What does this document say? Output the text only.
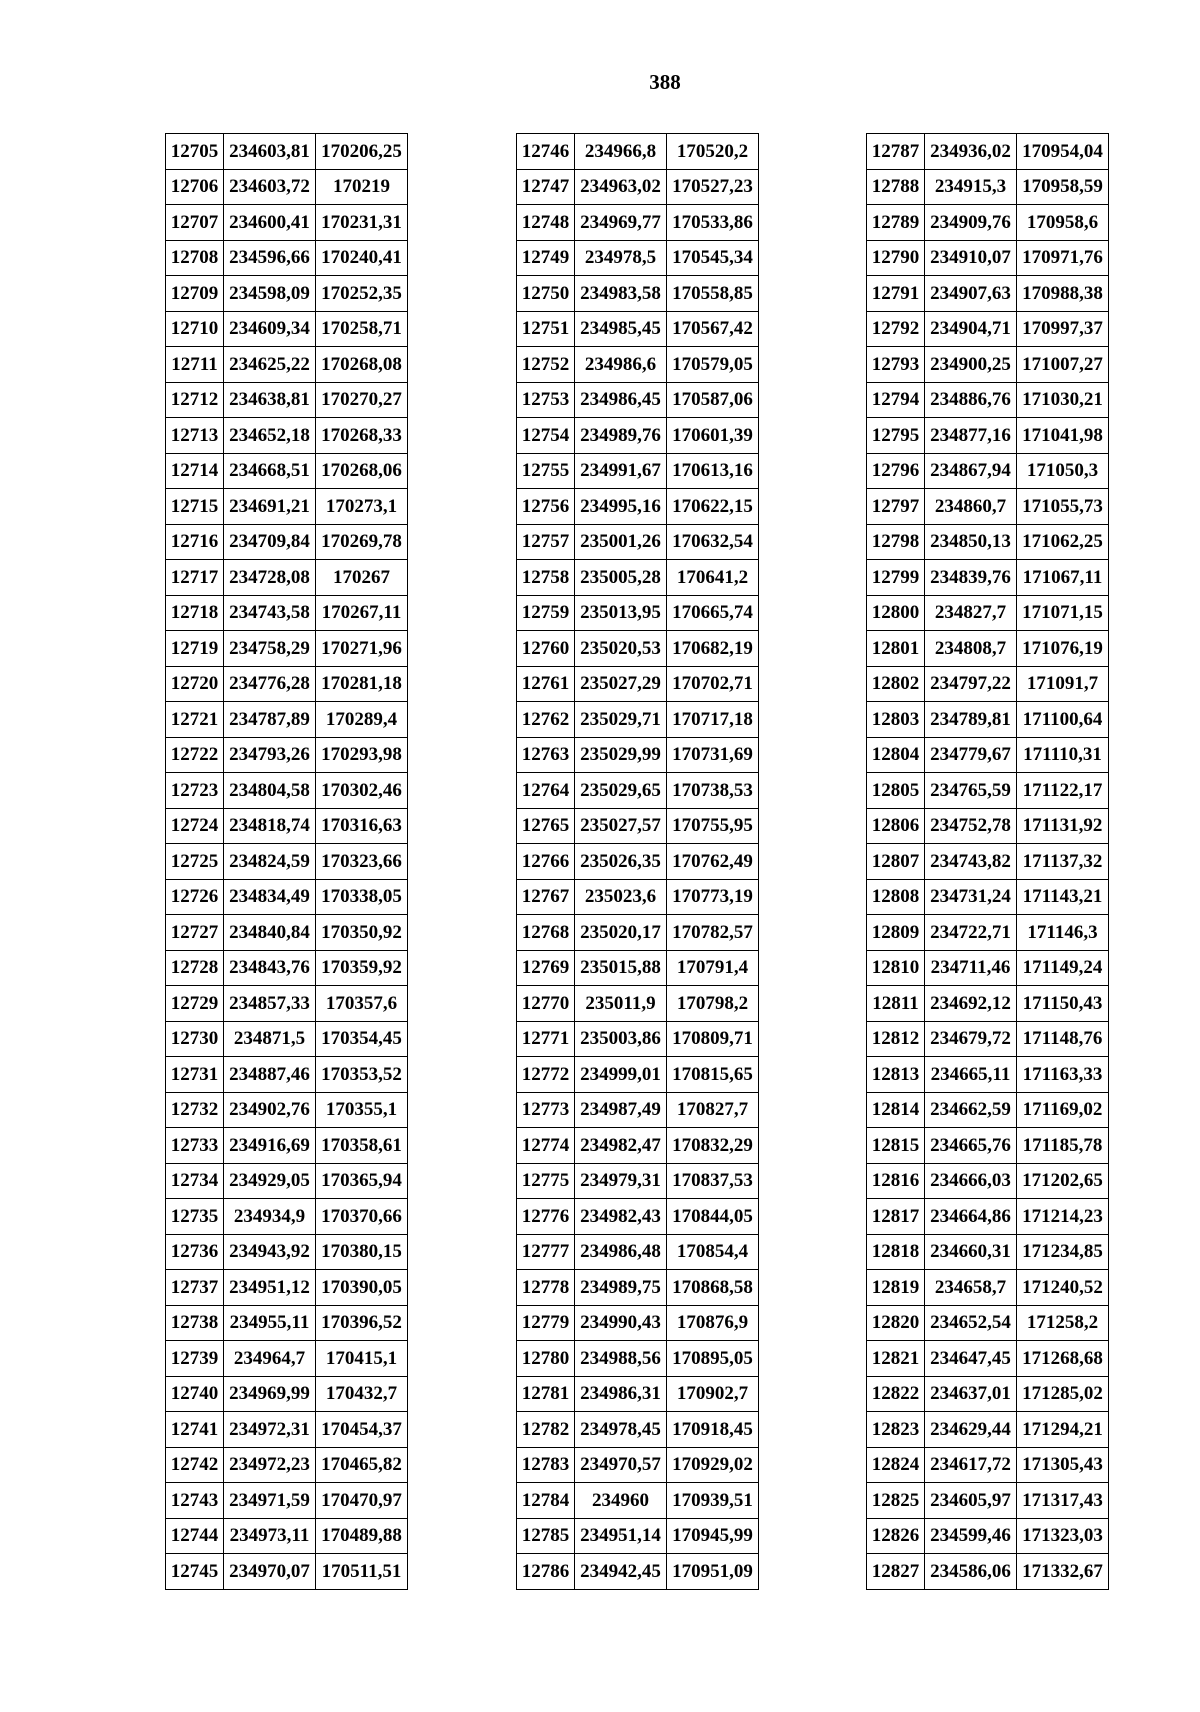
388
12705	234603,81	170206,25
12706	234603,72	170219
12707	234600,41	170231,31
12708	234596,66	170240,41
12709	234598,09	170252,35
12710	234609,34	170258,71
12711	234625,22	170268,08
12712	234638,81	170270,27
12713	234652,18	170268,33
12714	234668,51	170268,06
12715	234691,21	170273,1
12716	234709,84	170269,78
12717	234728,08	170267
12718	234743,58	170267,11
12719	234758,29	170271,96
12720	234776,28	170281,18
12721	234787,89	170289,4
12722	234793,26	170293,98
12723	234804,58	170302,46
12724	234818,74	170316,63
12725	234824,59	170323,66
12726	234834,49	170338,05
12727	234840,84	170350,92
12728	234843,76	170359,92
12729	234857,33	170357,6
12730	234871,5	170354,45
12731	234887,46	170353,52
12732	234902,76	170355,1
12733	234916,69	170358,61
12734	234929,05	170365,94
12735	234934,9	170370,66
12736	234943,92	170380,15
12737	234951,12	170390,05
12738	234955,11	170396,52
12739	234964,7	170415,1
12740	234969,99	170432,7
12741	234972,31	170454,37
12742	234972,23	170465,82
12743	234971,59	170470,97
12744	234973,11	170489,88
12745	234970,07	170511,51
12746	234966,8	170520,2
12747	234963,02	170527,23
12748	234969,77	170533,86
12749	234978,5	170545,34
12750	234983,58	170558,85
12751	234985,45	170567,42
12752	234986,6	170579,05
12753	234986,45	170587,06
12754	234989,76	170601,39
12755	234991,67	170613,16
12756	234995,16	170622,15
12757	235001,26	170632,54
12758	235005,28	170641,2
12759	235013,95	170665,74
12760	235020,53	170682,19
12761	235027,29	170702,71
12762	235029,71	170717,18
12763	235029,99	170731,69
12764	235029,65	170738,53
12765	235027,57	170755,95
12766	235026,35	170762,49
12767	235023,6	170773,19
12768	235020,17	170782,57
12769	235015,88	170791,4
12770	235011,9	170798,2
12771	235003,86	170809,71
12772	234999,01	170815,65
12773	234987,49	170827,7
12774	234982,47	170832,29
12775	234979,31	170837,53
12776	234982,43	170844,05
12777	234986,48	170854,4
12778	234989,75	170868,58
12779	234990,43	170876,9
12780	234988,56	170895,05
12781	234986,31	170902,7
12782	234978,45	170918,45
12783	234970,57	170929,02
12784	234960	170939,51
12785	234951,14	170945,99
12786	234942,45	170951,09
12787	234936,02	170954,04
12788	234915,3	170958,59
12789	234909,76	170958,6
12790	234910,07	170971,76
12791	234907,63	170988,38
12792	234904,71	170997,37
12793	234900,25	171007,27
12794	234886,76	171030,21
12795	234877,16	171041,98
12796	234867,94	171050,3
12797	234860,7	171055,73
12798	234850,13	171062,25
12799	234839,76	171067,11
12800	234827,7	171071,15
12801	234808,7	171076,19
12802	234797,22	171091,7
12803	234789,81	171100,64
12804	234779,67	171110,31
12805	234765,59	171122,17
12806	234752,78	171131,92
12807	234743,82	171137,32
12808	234731,24	171143,21
12809	234722,71	171146,3
12810	234711,46	171149,24
12811	234692,12	171150,43
12812	234679,72	171148,76
12813	234665,11	171163,33
12814	234662,59	171169,02
12815	234665,76	171185,78
12816	234666,03	171202,65
12817	234664,86	171214,23
12818	234660,31	171234,85
12819	234658,7	171240,52
12820	234652,54	171258,2
12821	234647,45	171268,68
12822	234637,01	171285,02
12823	234629,44	171294,21
12824	234617,72	171305,43
12825	234605,97	171317,43
12826	234599,46	171323,03
12827	234586,06	171332,67
